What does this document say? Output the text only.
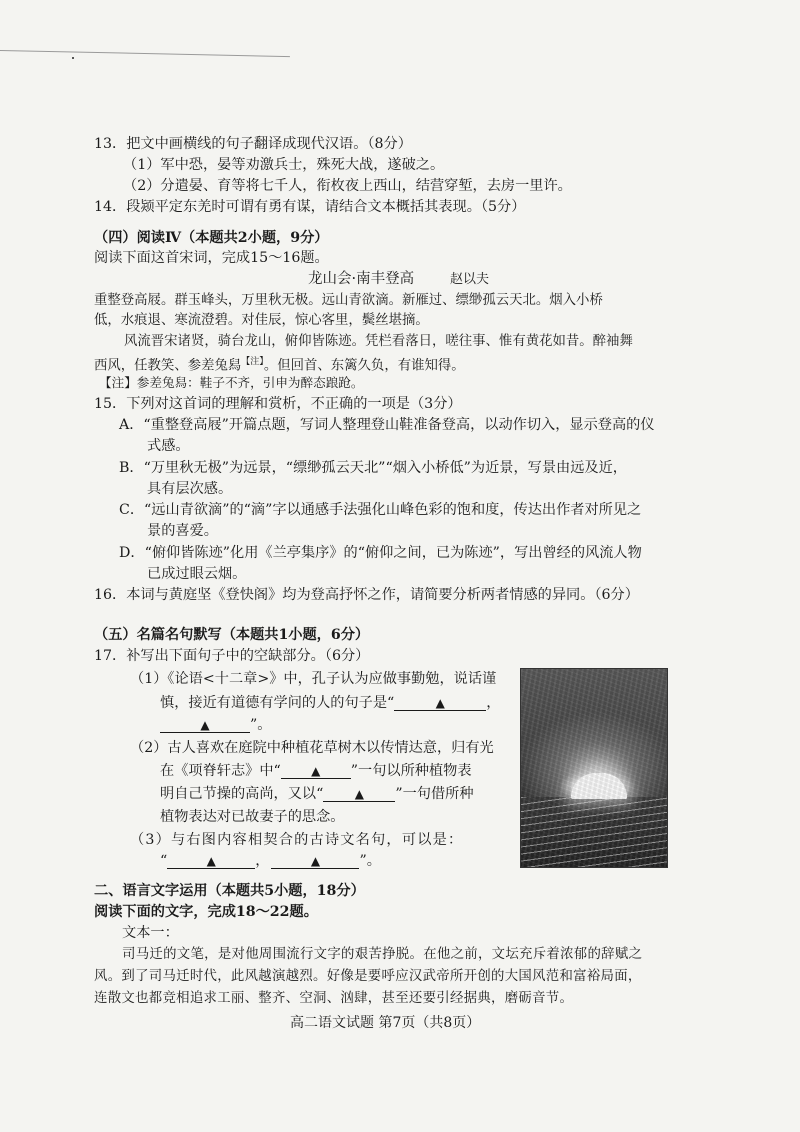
13．把文中画横线的句子翻译成现代汉语。（8分）
（1）军中恐，晏等劝激兵士，殊死大战，遂破之。
（2）分遣晏、育等将七千人，衔枚夜上西山，结营穿堑，去房一里许。
14．段颎平定东羌时可谓有勇有谋，请结合文本概括其表现。（5分）
（四）阅读Ⅳ（本题共2小题，9分）
阅读下面这首宋词，完成15～16题。
龙山会·南丰登高	赵以夫
重整登高屐。群玉峰头，万里秋无极。远山青欲滴。新雁过、缥缈孤云天北。烟入小桥
低，水痕退、寒流澄碧。对佳辰，惊心客里，鬓丝堪摘。
风流晋宋诸贤，骑台龙山，俯仰皆陈迹。凭栏看落日，嗟往事、惟有黄花如昔。醉袖舞
西风，任教笑、参差兔舄$^{【注】}$。但回首、东篱久负，有谁知得。
【注】参差兔舄：鞋子不齐，引申为醉态踉跄。
15．下列对这首词的理解和赏析，不正确的一项是（3分）
A．“重整登高屐”开篇点题，写词人整理登山鞋准备登高，以动作切入，显示登高的仪
式感。
B．“万里秋无极”为远景，“缥缈孤云天北”“烟入小桥低”为近景，写景由远及近，
具有层次感。
C．“远山青欲滴”的“滴”字以通感手法强化山峰色彩的饱和度，传达出作者对所见之
景的喜爱。
D．“俯仰皆陈迹”化用《兰亭集序》的“俯仰之间，已为陈迹”，写出曾经的风流人物
已成过眼云烟。
16．本词与黄庭坚《登快阁》均为登高抒怀之作，请简要分析两者情感的异同。（6分）
（五）名篇名句默写（本题共1小题，6分）
17．补写出下面句子中的空缺部分。（6分）
（1）《论语<十二章>》中，孔子认为应做事勤勉，说话谨
慎，接近有道德有学问的人的句子是“	▲	，
▲	”。
（2）古人喜欢在庭院中种植花草树木以传情达意，归有光
在《项脊轩志》中“	▲ ”一句以所种植物表
明自己节操的高尚，又以“	▲ ”一句借所种
植物表达对已故妻子的思念。
（3）与右图内容相契合的古诗文名句，可以是：
“	▲	，	▲	”。
二、语言文字运用（本题共5小题，18分）
阅读下面的文字，完成18～22题。
文本一：
司马迁的文笔，是对他周围流行文字的艰苦挣脱。在他之前，文坛充斥着浓郁的辞赋之
风。到了司马迁时代，此风越演越烈。好像是要呼应汉武帝所开创的大国风范和富裕局面，
连散文也都竞相追求工丽、整齐、空洞、汹肆，甚至还要引经据典，磨砺音节。
高二语文试题 第7页（共8页）
